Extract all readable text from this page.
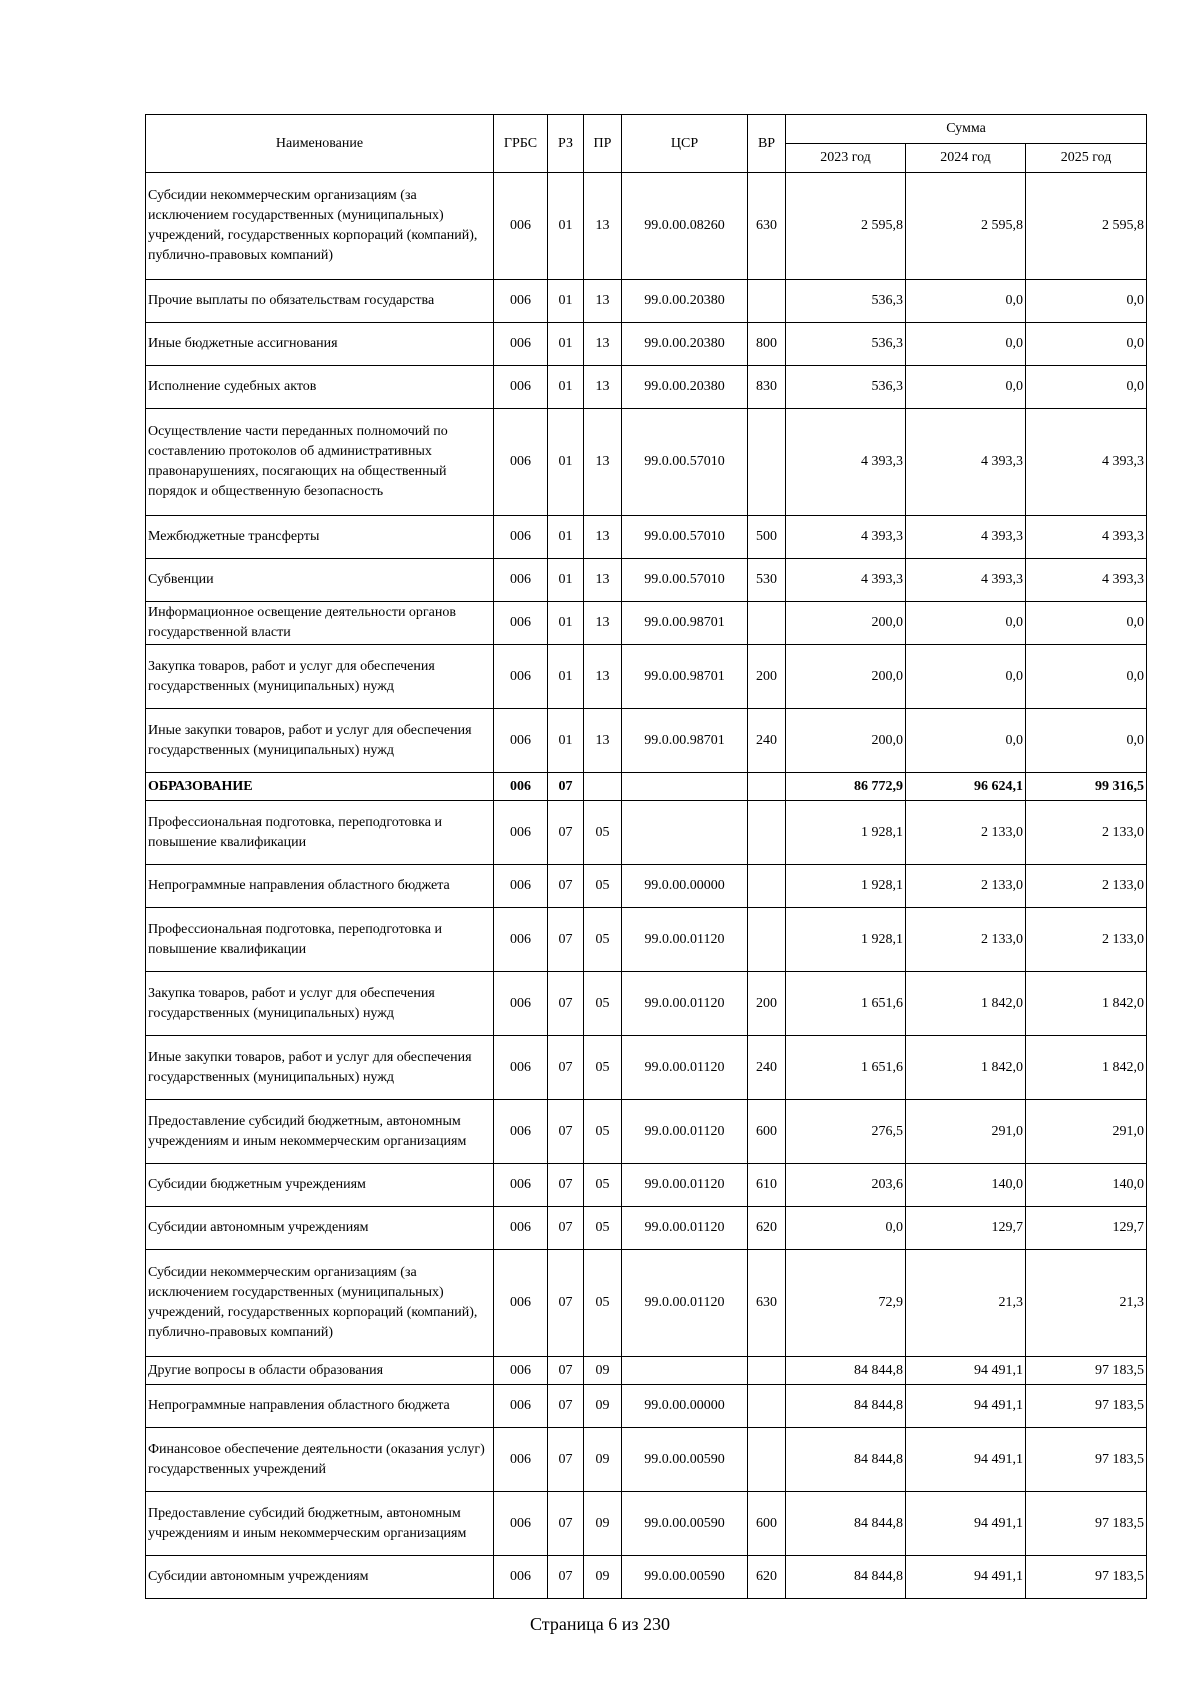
Наименование	ГРБС	РЗ	ПР	ЦСР	ВР	Сумма		
						2023 год	2024 год	2025 год
Субсидии некоммерческим организациям (за исключением государственных (муниципальных) учреждений, государственных корпораций (компаний), публично-правовых компаний)	006	01	13	99.0.00.08260	630	2 595,8	2 595,8	2 595,8
Прочие выплаты по обязательствам государства	006	01	13	99.0.00.20380		536,3	0,0	0,0
Иные бюджетные ассигнования	006	01	13	99.0.00.20380	800	536,3	0,0	0,0
Исполнение судебных актов	006	01	13	99.0.00.20380	830	536,3	0,0	0,0
Осуществление части переданных полномочий по составлению протоколов об административных правонарушениях, посягающих на общественный порядок и общественную безопасность	006	01	13	99.0.00.57010		4 393,3	4 393,3	4 393,3
Межбюджетные трансферты	006	01	13	99.0.00.57010	500	4 393,3	4 393,3	4 393,3
Субвенции	006	01	13	99.0.00.57010	530	4 393,3	4 393,3	4 393,3
Информационное освещение деятельности органов государственной власти	006	01	13	99.0.00.98701		200,0	0,0	0,0
Закупка товаров, работ и услуг для обеспечения государственных (муниципальных) нужд	006	01	13	99.0.00.98701	200	200,0	0,0	0,0
Иные закупки товаров, работ и услуг для обеспечения государственных (муниципальных) нужд	006	01	13	99.0.00.98701	240	200,0	0,0	0,0
ОБРАЗОВАНИЕ	006	07				86 772,9	96 624,1	99 316,5
Профессиональная подготовка, переподготовка и повышение квалификации	006	07	05			1 928,1	2 133,0	2 133,0
Непрограммные направления областного бюджета	006	07	05	99.0.00.00000		1 928,1	2 133,0	2 133,0
Профессиональная подготовка, переподготовка и повышение квалификации	006	07	05	99.0.00.01120		1 928,1	2 133,0	2 133,0
Закупка товаров, работ и услуг для обеспечения государственных (муниципальных) нужд	006	07	05	99.0.00.01120	200	1 651,6	1 842,0	1 842,0
Иные закупки товаров, работ и услуг для обеспечения государственных (муниципальных) нужд	006	07	05	99.0.00.01120	240	1 651,6	1 842,0	1 842,0
Предоставление субсидий бюджетным, автономным учреждениям и иным некоммерческим организациям	006	07	05	99.0.00.01120	600	276,5	291,0	291,0
Субсидии бюджетным учреждениям	006	07	05	99.0.00.01120	610	203,6	140,0	140,0
Субсидии автономным учреждениям	006	07	05	99.0.00.01120	620	0,0	129,7	129,7
Субсидии некоммерческим организациям (за исключением государственных (муниципальных) учреждений, государственных корпораций (компаний), публично-правовых компаний)	006	07	05	99.0.00.01120	630	72,9	21,3	21,3
Другие вопросы в области образования	006	07	09			84 844,8	94 491,1	97 183,5
Непрограммные направления областного бюджета	006	07	09	99.0.00.00000		84 844,8	94 491,1	97 183,5
Финансовое обеспечение деятельности (оказания услуг) государственных учреждений	006	07	09	99.0.00.00590		84 844,8	94 491,1	97 183,5
Предоставление субсидий бюджетным, автономным учреждениям и иным некоммерческим организациям	006	07	09	99.0.00.00590	600	84 844,8	94 491,1	97 183,5
Субсидии автономным учреждениям	006	07	09	99.0.00.00590	620	84 844,8	94 491,1	97 183,5
Страница 6 из 230
